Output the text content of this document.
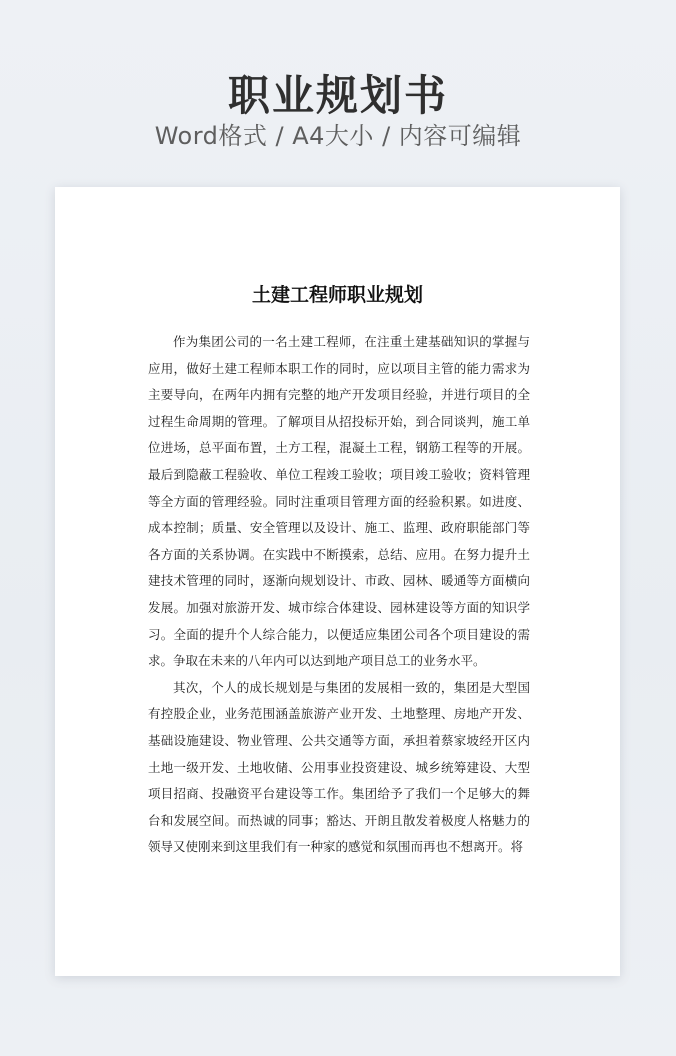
职业规划书
Word格式 / A4大小 / 内容可编辑
土建工程师职业规划

作为集团公司的一名土建工程师，在注重土建基础知识的掌握与应用，做好土建工程师本职工作的同时，应以项目主管的能力需求为主要导向，在两年内拥有完整的地产开发项目经验，并进行项目的全过程生命周期的管理。了解项目从招投标开始，到合同谈判，施工单位进场，总平面布置，土方工程，混凝土工程，钢筋工程等的开展。最后到隐蔽工程验收、单位工程竣工验收；项目竣工验收；资料管理等全方面的管理经验。同时注重项目管理方面的经验积累。如进度、成本控制；质量、安全管理以及设计、施工、监理、政府职能部门等各方面的关系协调。在实践中不断摸索，总结、应用。在努力提升土建技术管理的同时，逐渐向规划设计、市政、园林、暖通等方面横向发展。加强对旅游开发、城市综合体建设、园林建设等方面的知识学习。全面的提升个人综合能力，以便适应集团公司各个项目建设的需求。争取在未来的八年内可以达到地产项目总工的业务水平。

其次，个人的成长规划是与集团的发展相一致的，集团是大型国有控股企业，业务范围涵盖旅游产业开发、土地整理、房地产开发、基础设施建设、物业管理、公共交通等方面，承担着蔡家坡经开区内土地一级开发、土地收储、公用事业投资建设、城乡统筹建设、大型项目招商、投融资平台建设等工作。集团给予了我们一个足够大的舞台和发展空间。而热诚的同事；豁达、开朗且散发着极度人格魅力的领导又使刚来到这里我们有一种家的感觉和氛围而再也不想离开。将
